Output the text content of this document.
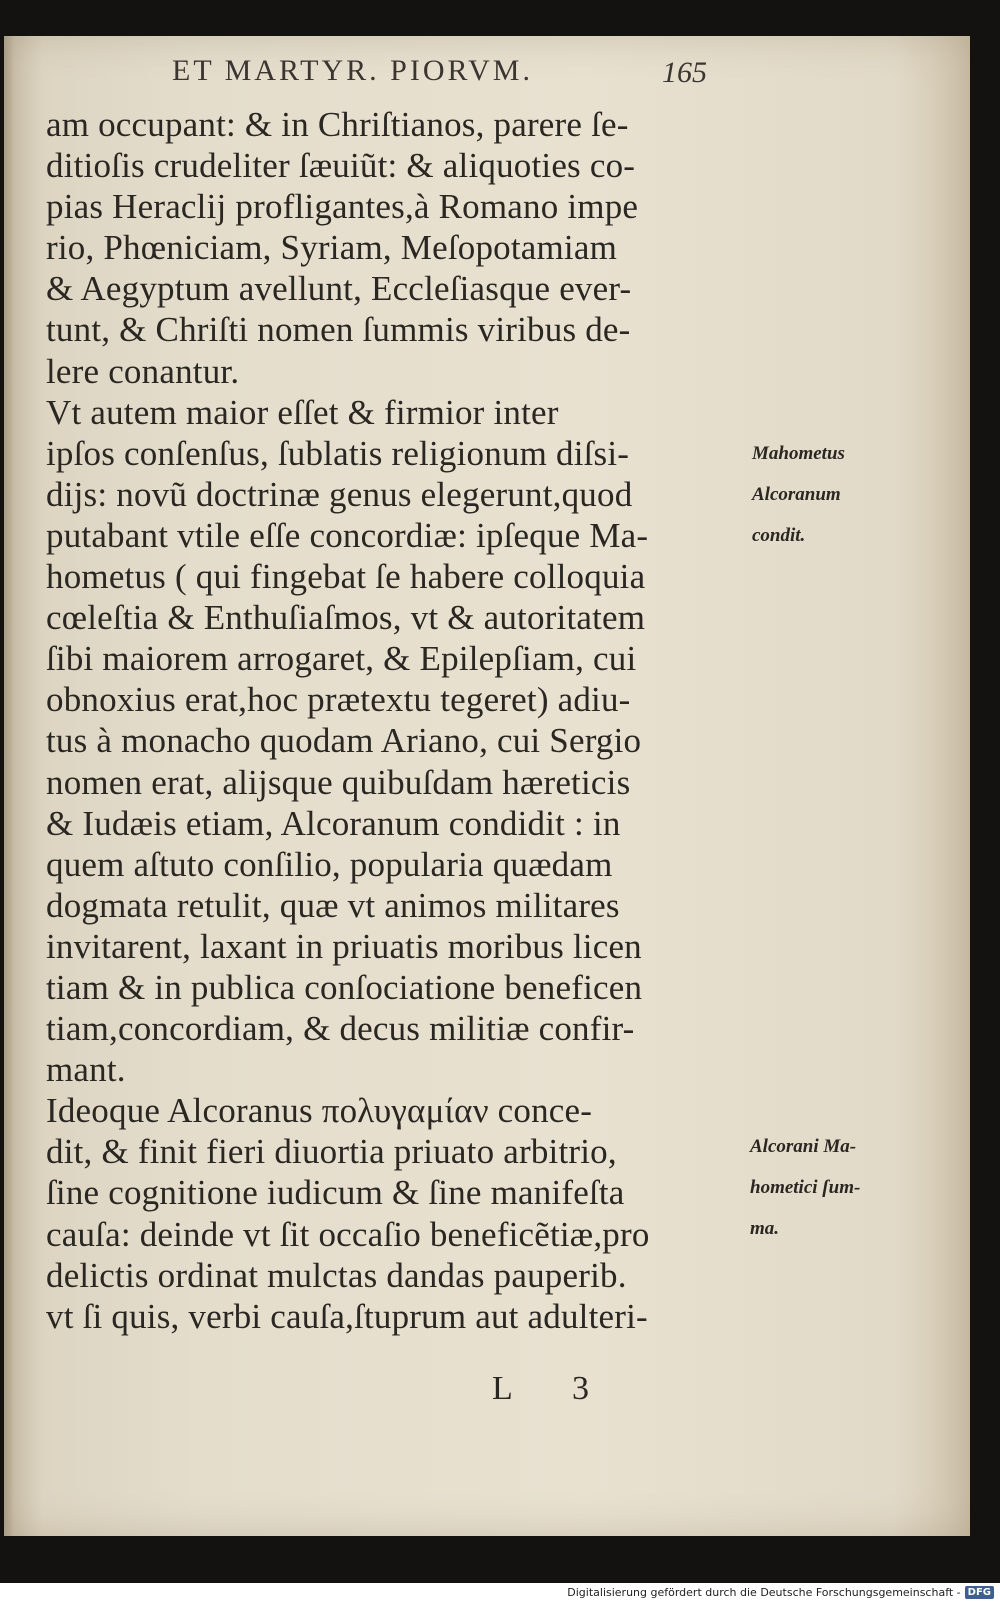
ET MARTYR. PIORVM.	165
am occupant: & in Chriſtianos, parere ſe-
ditioſis crudeliter ſæuiũt: & aliquoties co-
pias Heraclij profligantes,à Romano impe
rio, Phœniciam, Syriam, Meſopotamiam
& Aegyptum avellunt, Eccleſiasque ever-
tunt, & Chriſti nomen ſummis viribus de-
lere conantur.
Vt autem maior eſſet & firmior inter
ipſos conſenſus, ſublatis religionum diſsi-
dijs: novũ doctrinæ genus elegerunt,quod
putabant vtile eſſe concordiæ: ipſeque Ma-
hometus ( qui fingebat ſe habere colloquia
cœleſtia & Enthuſiaſmos, vt & autoritatem
ſibi maiorem arrogaret, & Epilepſiam, cui
obnoxius erat,hoc prætextu tegeret) adiu-
tus à monacho quodam Ariano, cui Sergio
nomen erat, alijsque quibuſdam hæreticis
& Iudæis etiam, Alcoranum condidit : in
quem aſtuto conſilio, popularia quædam
dogmata retulit, quæ vt animos militares
invitarent, laxant in priuatis moribus licen
tiam & in publica conſociatione beneficen
tiam,concordiam, & decus militiæ confir-
mant.
Ideoque Alcoranus πολυγαμίαν conce-
dit, & finit fieri diuortia priuato arbitrio,
ſine cognitione iudicum & ſine manifeſta
cauſa: deinde vt ſit occaſio beneficẽtiæ,pro
delictis ordinat mulctas dandas pauperib.
vt ſi quis, verbi cauſa,ſtuprum aut adulteri-
Mahometus
Alcoranum
condit.
Alcorani Ma-
hometici ſum-
ma.
L 3
Digitalisierung gefördert durch die Deutsche Forschungsgemeinschaft - DFG
